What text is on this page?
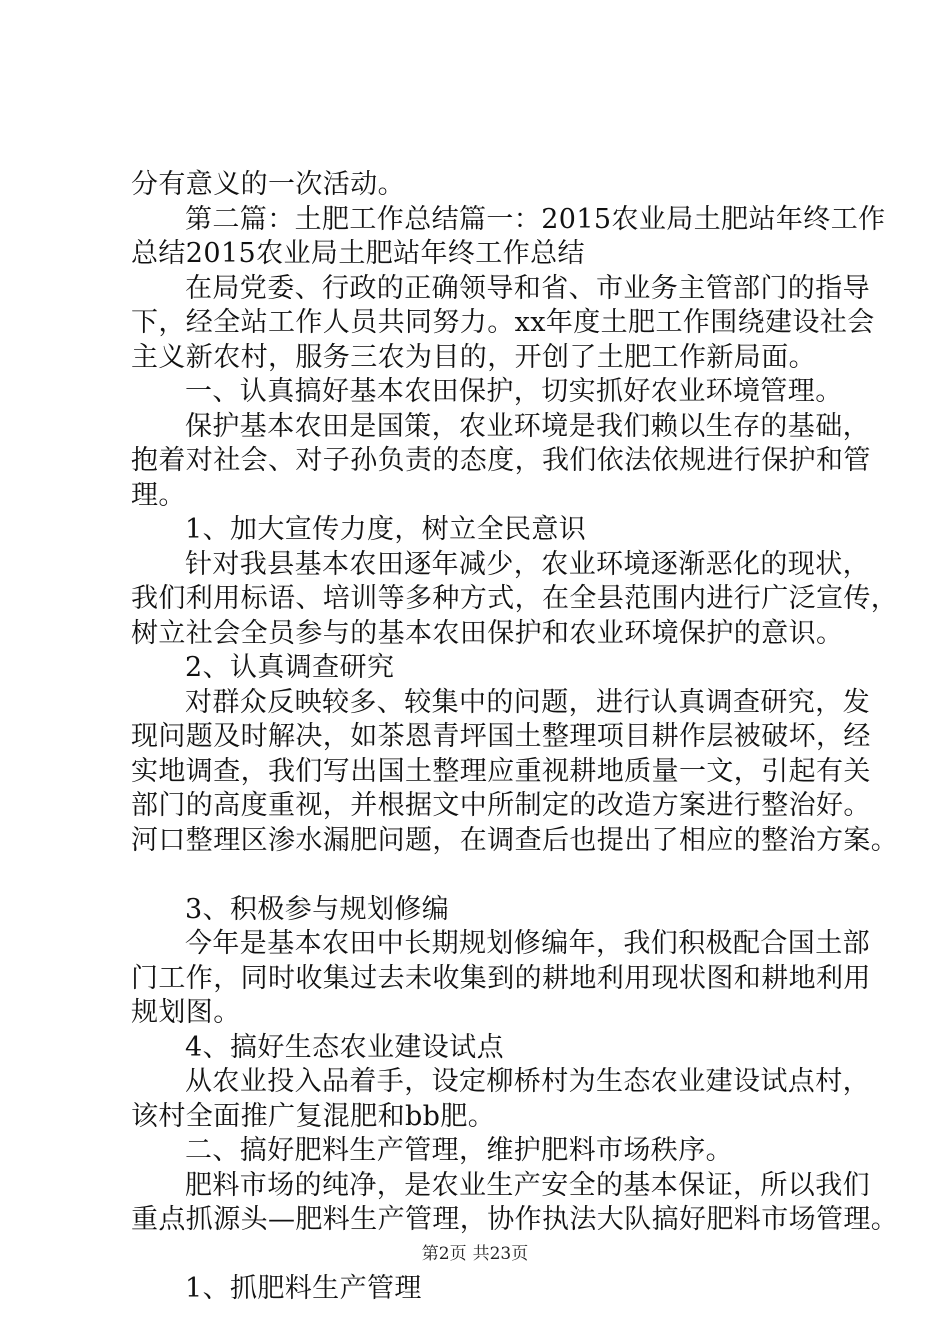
分有意义的一次活动。
第二篇：土肥工作总结篇一：2015农业局土肥站年终工作
总结2015农业局土肥站年终工作总结
在局党委、行政的正确领导和省、市业务主管部门的指导
下，经全站工作人员共同努力。xx年度土肥工作围绕建设社会
主义新农村，服务三农为目的，开创了土肥工作新局面。
一、认真搞好基本农田保护，切实抓好农业环境管理。
保护基本农田是国策，农业环境是我们赖以生存的基础，
抱着对社会、对子孙负责的态度，我们依法依规进行保护和管
理。
1、加大宣传力度，树立全民意识
针对我县基本农田逐年减少，农业环境逐渐恶化的现状，
我们利用标语、培训等多种方式，在全县范围内进行广泛宣传，
树立社会全员参与的基本农田保护和农业环境保护的意识。
2、认真调查研究
对群众反映较多、较集中的问题，进行认真调查研究，发
现问题及时解决，如茶恩青坪国土整理项目耕作层被破坏，经
实地调查，我们写出国土整理应重视耕地质量一文，引起有关
部门的高度重视，并根据文中所制定的改造方案进行整治好。
河口整理区渗水漏肥问题，在调查后也提出了相应的整治方案。
3、积极参与规划修编
今年是基本农田中长期规划修编年，我们积极配合国土部
门工作，同时收集过去未收集到的耕地利用现状图和耕地利用
规划图。
4、搞好生态农业建设试点
从农业投入品着手，设定柳桥村为生态农业建设试点村，
该村全面推广复混肥和bb肥。
二、搞好肥料生产管理，维护肥料市场秩序。
肥料市场的纯净，是农业生产安全的基本保证，所以我们
重点抓源头—肥料生产管理，协作执法大队搞好肥料市场管理。
1、抓肥料生产管理
第2页 共23页
